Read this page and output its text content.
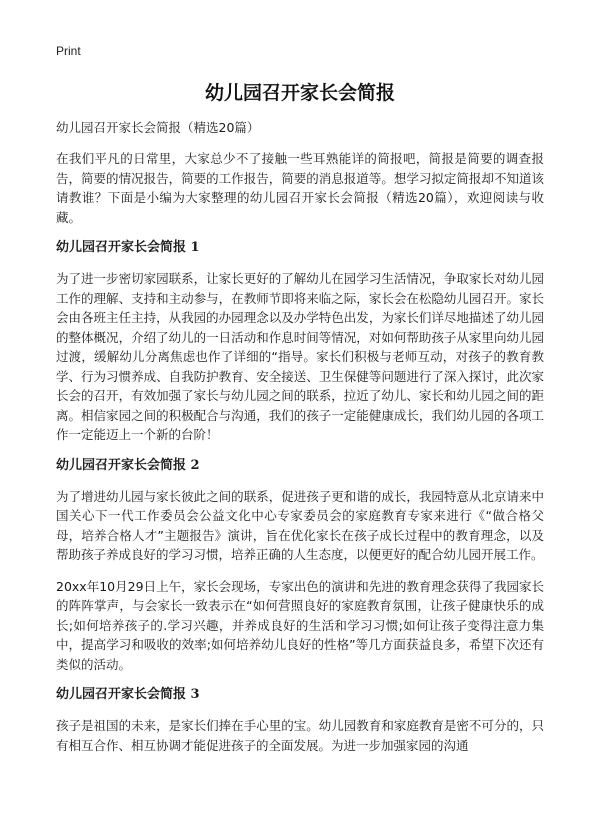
Print
幼儿园召开家长会简报
幼儿园召开家长会简报（精选20篇）

在我们平凡的日常里，大家总少不了接触一些耳熟能详的简报吧，简报是简要的调查报告，简要的情况报告，简要的工作报告，简要的消息报道等。想学习拟定简报却不知道该请教谁？下面是小编为大家整理的幼儿园召开家长会简报（精选20篇），欢迎阅读与收藏。

幼儿园召开家长会简报 1

为了进一步密切家园联系，让家长更好的了解幼儿在园学习生活情况，争取家长对幼儿园工作的理解、支持和主动参与，在教师节即将来临之际，家长会在松隐幼儿园召开。家长会由各班主任主持，从我园的办园理念以及办学特色出发，为家长们详尽地描述了幼儿园的整体概况，介绍了幼儿的一日活动和作息时间等情况，对如何帮助孩子从家里向幼儿园过渡，缓解幼儿分离焦虑也作了详细的“指导。家长们积极与老师互动，对孩子的教育教学、行为习惯养成、自我防护教育、安全接送、卫生保健等问题进行了深入探讨，此次家长会的召开，有效加强了家长与幼儿园之间的联系，拉近了幼儿、家长和幼儿园之间的距离。相信家园之间的积极配合与沟通，我们的孩子一定能健康成长，我们幼儿园的各项工作一定能迈上一个新的台阶！

幼儿园召开家长会简报 2

为了增进幼儿园与家长彼此之间的联系，促进孩子更和谐的成长，我园特意从北京请来中国关心下一代工作委员会公益文化中心专家委员会的家庭教育专家来进行《“做合格父母，培养合格人才”主题报告》演讲，旨在优化家长在孩子成长过程中的教育理念，以及帮助孩子养成良好的学习习惯，培养正确的人生态度，以便更好的配合幼儿园开展工作。

20xx年10月29日上午，家长会现场，专家出色的演讲和先进的教育理念获得了我园家长的阵阵掌声，与会家长一致表示在“如何营照良好的家庭教育氛围，让孩子健康快乐的成长;如何培养孩子的.学习兴趣，并养成良好的生活和学习习惯;如何让孩子变得注意力集中，提高学习和吸收的效率;如何培养幼儿良好的性格”等几方面获益良多，希望下次还有类似的活动。

幼儿园召开家长会简报 3

孩子是祖国的未来，是家长们捧在手心里的宝。幼儿园教育和家庭教育是密不可分的，只有相互合作、相互协调才能促进孩子的全面发展。为进一步加强家园的沟通
